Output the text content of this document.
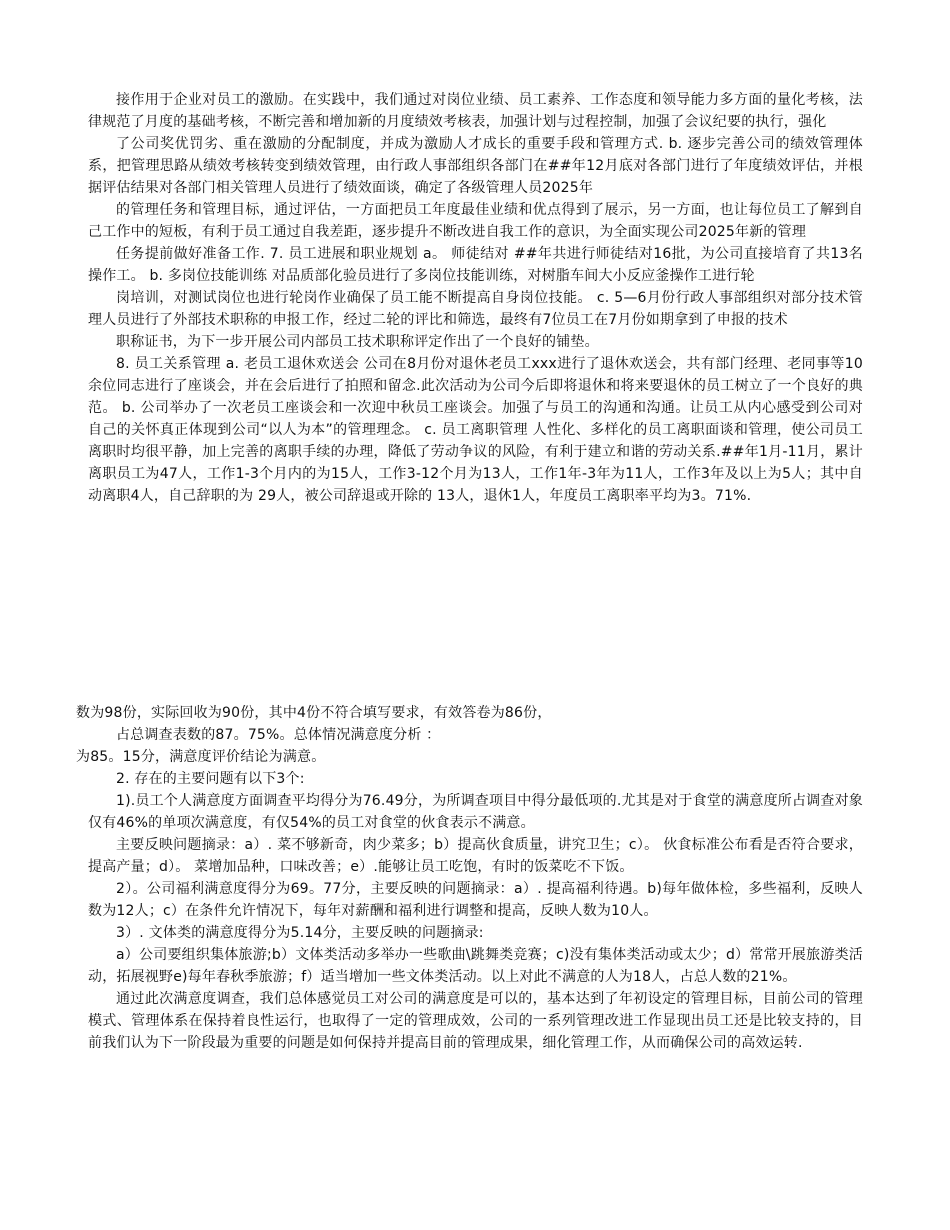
接作用于企业对员工的激励。在实践中，我们通过对岗位业绩、员工素养、工作态度和领导能力多方面的量化考核，法律规范了月度的基础考核，不断完善和增加新的月度绩效考核表，加强计划与过程控制，加强了会议纪要的执行，强化

了公司奖优罚劣、重在激励的分配制度，并成为激励人才成长的重要手段和管理方式. b. 逐步完善公司的绩效管理体系，把管理思路从绩效考核转变到绩效管理，由行政人事部组织各部门在##年12月底对各部门进行了年度绩效评估，并根据评估结果对各部门相关管理人员进行了绩效面谈，确定了各级管理人员2025年

的管理任务和管理目标，通过评估，一方面把员工年度最佳业绩和优点得到了展示，另一方面，也让每位员工了解到自己工作中的短板，有利于员工通过自我差距，逐步提升不断改进自我工作的意识，为全面实现公司2025年新的管理

任务提前做好准备工作. 7. 员工进展和职业规划 a。 师徒结对 ##年共进行师徒结对16批，为公司直接培育了共13名操作工。 b. 多岗位技能训练 对品质部化验员进行了多岗位技能训练，对树脂车间大小反应釜操作工进行轮

岗培训，对测试岗位也进行轮岗作业确保了员工能不断提高自身岗位技能。 c. 5—6月份行政人事部组织对部分技术管理人员进行了外部技术职称的申报工作，经过二轮的评比和筛选，最终有7位员工在7月份如期拿到了申报的技术

职称证书，为下一步开展公司内部员工技术职称评定作出了一个良好的铺垫。

8. 员工关系管理 a. 老员工退休欢送会 公司在8月份对退休老员工xxx进行了退休欢送会，共有部门经理、老同事等10余位同志进行了座谈会，并在会后进行了拍照和留念.此次活动为公司今后即将退休和将来要退休的员工树立了一个良好的典范。 b. 公司举办了一次老员工座谈会和一次迎中秋员工座谈会。加强了与员工的沟通和沟通。让员工从内心感受到公司对自己的关怀真正体现到公司“以人为本”的管理理念。 c. 员工离职管理 人性化、多样化的员工离职面谈和管理，使公司员工离职时均很平静，加上完善的离职手续的办理，降低了劳动争议的风险，有利于建立和谐的劳动关系.##年1月-11月，累计离职员工为47人，工作1-3个月内的为15人，工作3-12个月为13人，工作1年-3年为11人，工作3年及以上为5人；其中自动离职4人，自己辞职的为 29人，被公司辞退或开除的 13人，退休1人，年度员工离职率平均为3。71%.

数为98份，实际回收为90份，其中4份不符合填写要求，有效答卷为86份，

占总调查表数的87。75%。总体情况满意度分析 ：

为85。15分，满意度评价结论为满意。

2. 存在的主要问题有以下3个:

1).员工个人满意度方面调查平均得分为76.49分，为所调查项目中得分最低项的.尤其是对于食堂的满意度所占调查对象仅有46%的单项次满意度，有仅54%的员工对食堂的伙食表示不满意。

主要反映问题摘录：a）. 菜不够新奇，肉少菜多；b）提高伙食质量，讲究卫生；c）。 伙食标准公布看是否符合要求，提高产量；d）。 菜增加品种，口味改善；e）.能够让员工吃饱，有时的饭菜吃不下饭。

2）。公司福利满意度得分为69。77分，主要反映的问题摘录：a）. 提高福利待遇。b)每年做体检，多些福利，反映人数为12人；c）在条件允许情况下，每年对薪酬和福利进行调整和提高，反映人数为10人。

3）. 文体类的满意度得分为5.14分，主要反映的问题摘录:

a）公司要组织集体旅游;b）文体类活动多举办一些歌曲\跳舞类竞赛；c)没有集体类活动或太少；d）常常开展旅游类活动，拓展视野e)每年春秋季旅游；f）适当增加一些文体类活动。以上对此不满意的人为18人，占总人数的21%。

通过此次满意度调查，我们总体感觉员工对公司的满意度是可以的，基本达到了年初设定的管理目标，目前公司的管理模式、管理体系在保持着良性运行，也取得了一定的管理成效，公司的一系列管理改进工作显现出员工还是比较支持的，目前我们认为下一阶段最为重要的问题是如何保持并提高目前的管理成果，细化管理工作，从而确保公司的高效运转.
